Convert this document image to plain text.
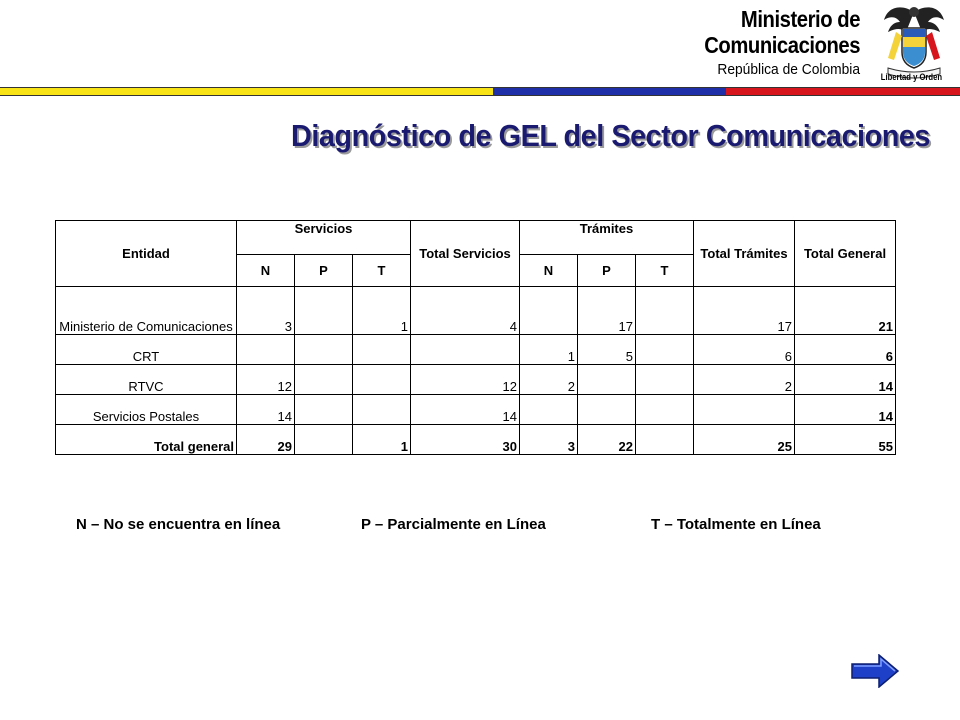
Ministerio de
Comunicaciones
República de Colombia Libertad y Orden
Diagnóstico de GEL del Sector Comunicaciones
Entidad	Servicios			Total Servicios	Trámites			Total Trámites	Total General
	N	P	T		N	P	T		
Ministerio de Comunicaciones	3		1	4		17		17	21
CRT					1	5		6	6
RTVC	12			12	2			2	14
Servicios Postales	14			14					14
Total general	29		1	30	3	22		25	55
N – No se encuentra en línea	P – Parcialmente en Línea	T – Totalmente en Línea
